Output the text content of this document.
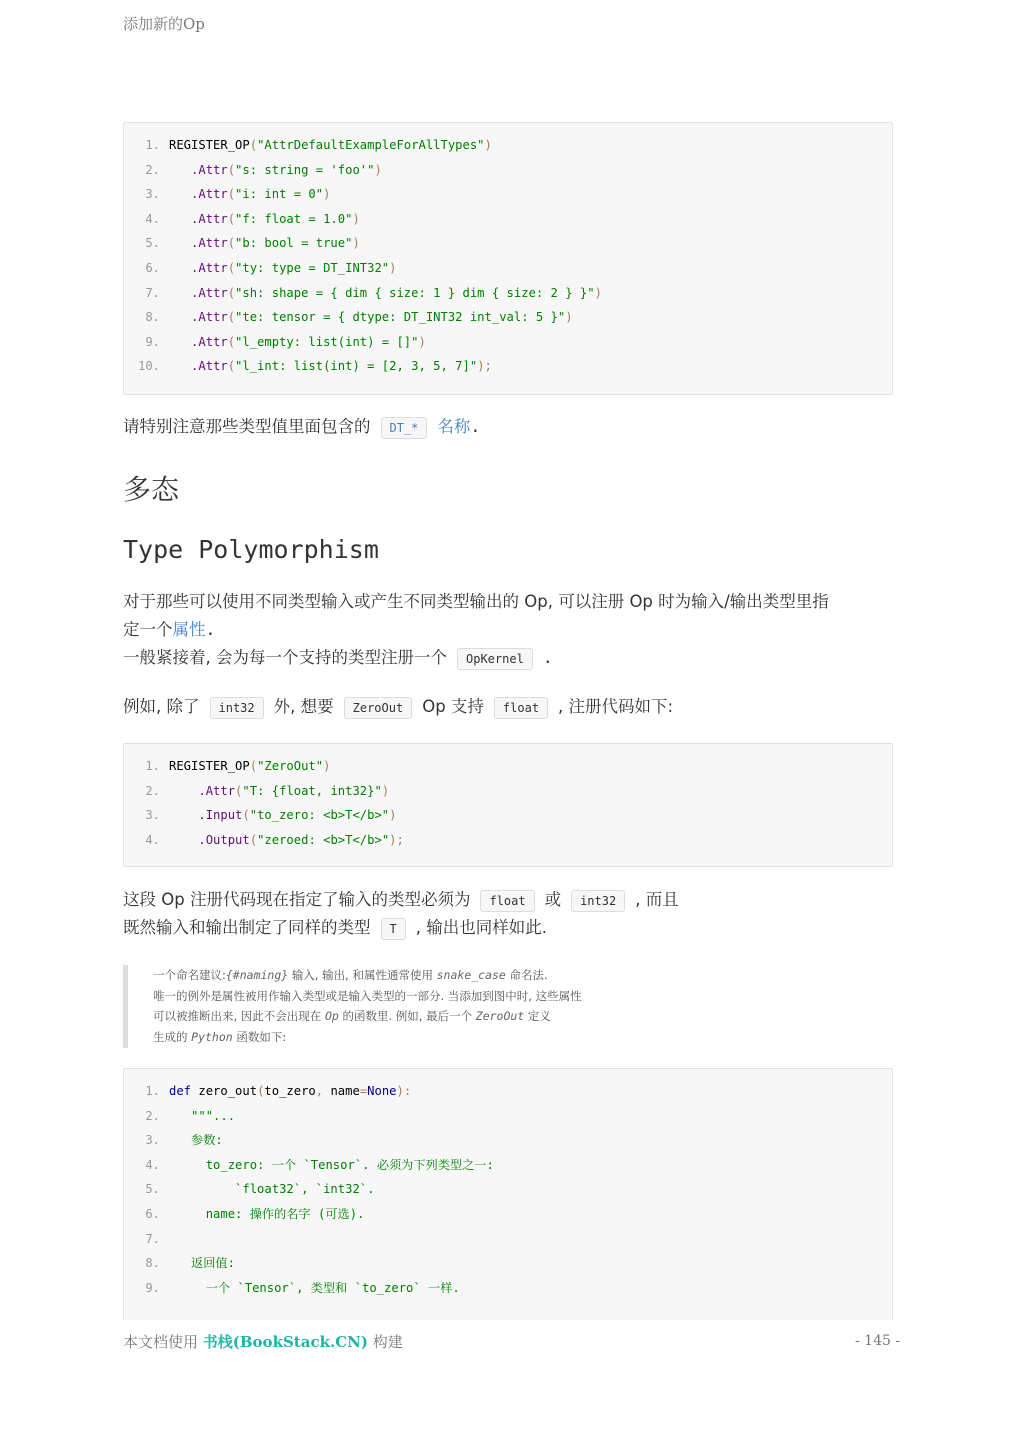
添加新的Op
1. REGISTER_OP("AttrDefaultExampleForAllTypes")
2.	.Attr("s: string = 'foo'")
3.	.Attr("i: int = 0")
4.	.Attr("f: float = 1.0")
5.	.Attr("b: bool = true")
6.	.Attr("ty: type = DT_INT32")
7.	.Attr("sh: shape = { dim { size: 1 } dim { size: 2 } }")
8.	.Attr("te: tensor = { dtype: DT_INT32 int_val: 5 }")
9.	.Attr("l_empty: list(int) = []")
10.	.Attr("l_int: list(int) = [2, 3, 5, 7]");
请特别注意那些类型值里面包含的 DT_* 名称.
多态
Type Polymorphism
对于那些可以使用不同类型输入或产生不同类型输出的 Op, 可以注册 Op 时为输入/输出类型里指
定一个属性.
一般紧接着, 会为每一个支持的类型注册一个 OpKernel .
例如, 除了 int32 外, 想要 ZeroOut Op 支持 float , 注册代码如下:
1. REGISTER_OP("ZeroOut")
2.	.Attr("T: {float, int32}")
3.	.Input("to_zero: <b>T</b>")
4.	.Output("zeroed: <b>T</b>");
这段 Op 注册代码现在指定了输入的类型必须为 float 或 int32 , 而且
既然输入和输出制定了同样的类型 T , 输出也同样如此.
一个命名建议:{#naming} 输入, 输出, 和属性通常使用 snake_case 命名法.
唯一的例外是属性被用作输入类型或是输入类型的一部分. 当添加到图中时, 这些属性
可以被推断出来, 因此不会出现在 Op 的函数里. 例如, 最后一个 ZeroOut 定义
生成的 Python 函数如下:
1. def zero_out(to_zero, name=None):
2.	"""...
3.	参数:
4.	to_zero: 一个 `Tensor`. 必须为下列类型之一:
5.	`float32`, `int32`.
6.	name: 操作的名字 (可选).
7.
8.	返回值:
9.	一个 `Tensor`, 类型和 `to_zero` 一样.
本文档使用 书栈(BookStack.CN) 构建	- 145 -
